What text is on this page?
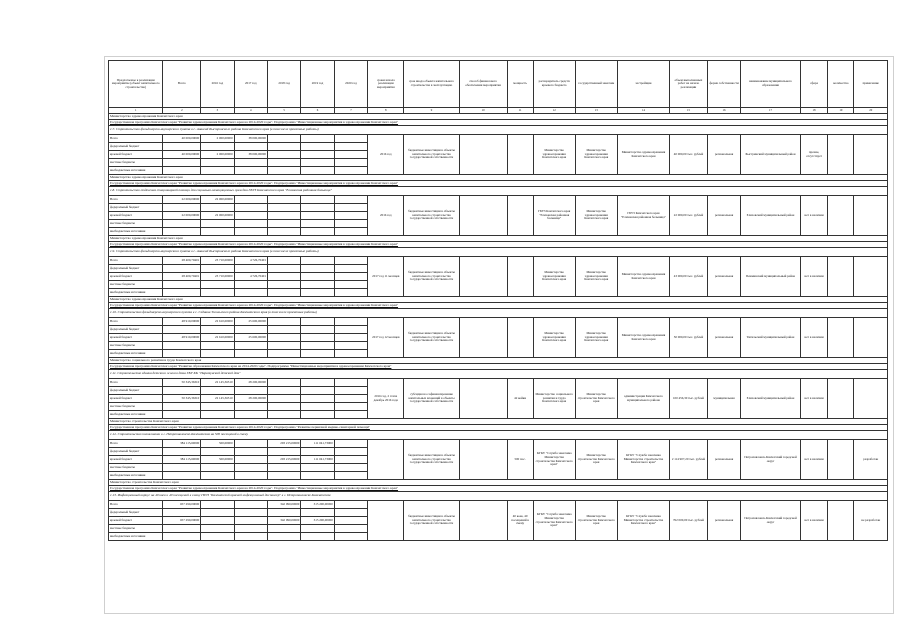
Предлагаемое к реализации мероприятие (объект капитального строительства)	Всего	2016 год	2017 год	2018 год	2019 год	2020 год	сроки начала реализации мероприятия	срок ввода объекта капитального строительства в эксплуатацию	способ финансового обеспечения мероприятия	мощность	распорядитель средств краевого бюджета	государственный заказчик	застройщик	объем выполненных работ на начало реализации	форма собственности	наименование муниципального образования	сфера	количество	примечание
1	2	3	4	5	6	7	8	9	10	11	12	13	14	15	16	17	18	19	20
Министерство здравоохранения Камчатского края																			
Государственная программа Камчатского края "Развитие здравоохранения Камчатского края на 2014-2020 годы". Подпрограмма "Инвестиционные мероприятия в здравоохранении Камчатского края"																			
1.7. Строительство фельдшерско-акушерского пункта в с. Анавгай Быстринского района Камчатского края (в том числе проектные работы)																			
Всего	40 000,00000	2 000,00000	38 000,00000				2016 год	бюджетные инвестиции в объекты капитального строительства государственной собственности			Министерство здравоохранения Камчатского края	Министерство здравоохранения Камчатского края	Министерство здравоохранения Камчатского края	40 000,00 тыс. рублей	региональная	Быстринский муниципальный район	прочие, отсутствует		
федеральный бюджет																			
краевой бюджет	40 000,00000	2 000,00000	38 000,00000																
местные бюджеты																			
внебюджетные источники																			
Министерство здравоохранения Камчатского края																			
Государственная программа Камчатского края "Развитие здравоохранения Камчатского края на 2014-2020 годы". Подпрограмма "Инвестиционные мероприятия в здравоохранении Камчатского края"																			
1.8. Строительство отделения стационарной помощи для социально-незащищенных граждан ГБУЗ Камчатского края "Елизовская районная больница"																			
Всего	22 000,00000	22 000,00000					2016 год	бюджетные инвестиции в объекты капитального строительства государственной собственности			ГБУЗ Камчатского края "Елизовская районная больница"	Министерство здравоохранения Камчатского края	ГБУЗ Камчатского края "Елизовская районная больница"	22 000,00 тыс. рублей	региональная	Елизовский муниципальный район	нет в наличии		
федеральный бюджет																			
краевой бюджет	22 000,00000	22 000,00000																	
местные бюджеты																			
внебюджетные источники																			
Министерство здравоохранения Камчатского края																			
Государственная программа Камчатского края "Развитие здравоохранения Камчатского края на 2014-2020 годы". Подпрограмма "Инвестиционные мероприятия в здравоохранении Камчатского края"																			
1.9. Строительство фельдшерско-акушерского пункта в с. Анавгай Быстринского района Камчатского края (в том числе проектные работы)																			
Всего	28 400,70401	23 710,00000	4 726,70401				2017 год 11 месяцев	бюджетные инвестиции в объекты капитального строительства государственной собственности			Министерство здравоохранения Камчатского края	Министерство здравоохранения Камчатского края	Министерство здравоохранения Камчатского края	43 000,00 тыс. рублей	региональная	Пенжинский муниципальный район	нет в наличии		
федеральный бюджет																			
краевой бюджет	28 400,70401	23 710,00000	4 726,70401																
местные бюджеты																			
внебюджетные источники																			
Министерство здравоохранения Камчатского края																			
Государственная программа Камчатского края "Развитие здравоохранения Камчатского края на 2014-2020 годы". Подпрограмма "Инвестиционные мероприятия в здравоохранении Камчатского края"																			
1.10. Строительство фельдшерско-акушерского пункта в с. Седанка Тигильского района Камчатского края (в том числе проектные работы)																			
Всего	48 910,00000	22 610,00000	25 600,00000				2017 год 12 месяцев	бюджетные инвестиции в объекты капитального строительства государственной собственности			Министерство здравоохранения Камчатского края	Министерство здравоохранения Камчатского края	Министерство здравоохранения Камчатского края	50 000,00 тыс. рублей	региональная	Тигильский муниципальный район	нет в наличии		
федеральный бюджет																			
краевой бюджет	48 910,00000	22 610,00000	25 600,00000																
местные бюджеты																			
внебюджетные источники																			
Министерство социального развития и труда Камчатского края																			
Государственная программа Камчатского края "Развитие образования Камчатского края на 2014-2020 годы". Подпрограмма "Инвестиционные мероприятия в здравоохранении Камчатского края"																			
1.11. Строительство здания детского жилого дома ГБУ КК "Паратунский детский дом"																			
Всего	50 345,36310	22 145,36310	28 200,00000				2016 год, 2 этапа декабрь 2016 года	субсидия на софинансирование капитальных вложений в объекты государственной собственности		42 койки	Министерство социального развития и труда Камчатского края	Министерство строительства Камчатского края	администрация Камчатского муниципального района	100 456,30 тыс. рублей	муниципальная	Елизовский муниципальный район	нет в наличии		
федеральный бюджет																			
краевой бюджет	50 345,36310	22 145,36310	28 200,00000																
местные бюджеты																			
внебюджетные источники																			
Министерство строительства Камчатского края																			
Государственная программа Камчатского края "Развитие здравоохранения Камчатского края на 2014-2020 годы". Подпрограмма "Развитие первичной медико-санитарной помощи"																			
1.12. Строительство поликлиники в г. Петропавловске-Камчатском на 500 посещений в смену																			
Всего	384 115,60000	500,00000		293 215,00000	111 041,73000			бюджетные инвестиции в объекты капитального строительства государственной собственности		500 пос.	КГКУ "Служба заказчика Министерства строительства Камчатского края"	Министерство строительства Камчатского края	КГКУ "Служба заказчика Министерства строительства Камчатского края"	2 114 907,20 тыс. рублей	региональная	Петропавловск-Камчатский городской округ	нет в наличии		разработан
федеральный бюджет																			
краевой бюджет	384 115,60000	500,00000		293 215,00000	111 041,73000														
местные бюджеты																			
внебюджетные источники																			
Министерство строительства Камчатского края																			
Государственная программа Камчатского края "Развитие здравоохранения Камчатского края на 2014-2020 годы". Подпрограмма "Инвестиционные мероприятия в здравоохранении Камчатского края"																			
1.13. Инфекционный корпус на 40 коек и 40 посещений в смену ГБУЗ "Камчатский краевой инфекционный диспансер" в г. Петропавловске-Камчатском																			
Всего	657 290,00000			342 090,00000	315 200,00000			бюджетные инвестиции в объекты капитального строительства государственной собственности		40 коек, 40 посещений в смену	КГКУ "Служба заказчика Министерства строительства Камчатского края"	Министерство строительства Камчатского края	КГКУ "Служба заказчика Министерства строительства Камчатского края"	762 000,00 тыс. рублей	региональная	Петропавловск-Камчатский городской округ	нет в наличии		не разработан
федеральный бюджет																			
краевой бюджет	657 290,00000			342 090,00000	315 200,00000														
местные бюджеты																			
внебюджетные источники																			
